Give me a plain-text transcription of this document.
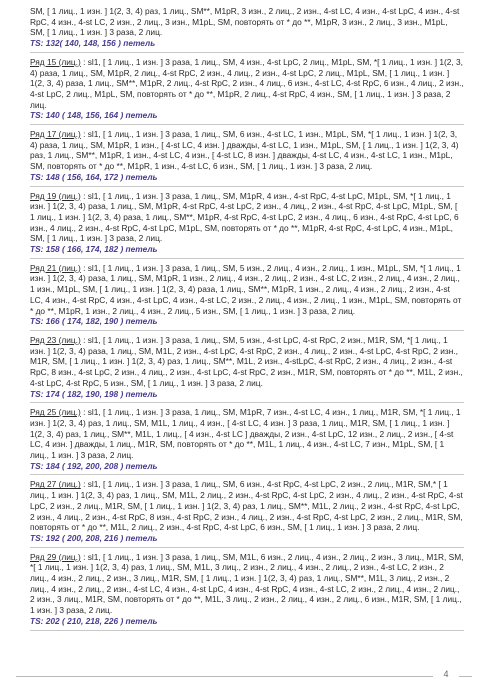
SM, [ 1 лиц., 1 изн. ] 1(2, 3, 4) раз, 1 лиц., SM**, M1pR, 3 изн., 2 лиц., 2 изн., 4-st LC, 4 изн., 4-st LpC, 4 изн., 4-st RpC, 4 изн., 4-st LC, 2 изн., 2 лиц., 3 изн., M1pL, SM, повторять от * до **, M1pR, 3 изн., 2 лиц., 3 изн., M1pL, SM, [ 1 лиц., 1 изн. ] 3 раза, 2 лиц.

TS: 132( 140, 148, 156 ) петель

Ряд 15 (лиц.) : sl1, [ 1 лиц., 1 изн. ] 3 раза, 1 лиц., SM, 4 изн., 4-st LpC, 2 лиц., M1pL, SM, *[ 1 лиц., 1 изн. ] 1(2, 3, 4) раза, 1 лиц., SM, M1pR, 2 лиц., 4-st RpC, 2 изн., 4 лиц., 2 изн., 4-st LpC, 2 лиц., M1pL, SM, [ 1 лиц., 1 изн. ] 1(2, 3, 4) раза, 1 лиц., SM**, M1pR, 2 лиц., 4-st RpC, 2 изн., 4 лиц., 6 изн., 4-st LC, 4-st RpC, 6 изн., 4 лиц., 2 изн., 4-st LpC, 2 лиц., M1pL, SM, повторять от * до **, M1pR, 2 лиц., 4-st RpC, 4 изн., SM, [ 1 лиц., 1 изн. ] 3 раза, 2 лиц.

TS: 140 ( 148, 156, 164 ) петель

Ряд 17 (лиц.) : sl1, [ 1 лиц., 1 изн. ] 3 раза, 1 лиц., SM, 6 изн., 4-st LC, 1 изн., M1pL, SM, *[ 1 лиц., 1 изн. ] 1(2, 3, 4) раза, 1 лиц., SM, M1pR, 1 изн., [ 4-st LC, 4 изн. ] дважды, 4-st LC, 1 изн., M1pL, SM, [ 1 лиц., 1 изн. ] 1(2, 3, 4) раз, 1 лиц., SM**, M1pR, 1 изн., 4-st LC, 4 изн., [ 4-st LC, 8 изн. ] дважды, 4-st LC, 4 изн., 4-st LC, 1 изн., M1pL, SM, повторять от * до **, M1pR, 1 изн., 4-st LC, 6 изн., SM, [ 1 лиц., 1 изн. ] 3 раза, 2 лиц.

TS: 148 ( 156, 164, 172 ) петель

Ряд 19 (лиц.) : sl1, [ 1 лиц., 1 изн. ] 3 раза, 1 лиц., SM, M1pR, 4 изн., 4-st RpC, 4-st LpC, M1pL, SM, *[ 1 лиц., 1 изн. ] 1(2, 3, 4) раза, 1 лиц., SM, M1pR, 4-st RpC, 4-st LpC, 2 изн., 4 лиц., 2 изн., 4-st RpC, 4-st LpC, M1pL, SM, [ 1 лиц., 1 изн. ] 1(2, 3, 4) раза, 1 лиц., SM**, M1pR, 4-st RpC, 4-st LpC, 2 изн., 4 лиц., 6 изн., 4-st RpC, 4-st LpC, 6 изн., 4 лиц., 2 изн., 4-st RpC, 4-st LpC, M1pL, SM, повторять от * до **, M1pR, 4-st RpC, 4-st LpC, 4 изн., M1pL, SM, [ 1 лиц., 1 изн. ] 3 раза, 2 лиц.

TS: 158 ( 166, 174, 182 ) петель

Ряд 21 (лиц.) : sl1, [ 1 лиц., 1 изн. ] 3 раза, 1 лиц., SM, 5 изн., 2 лиц., 4 изн., 2 лиц., 1 изн., M1pL, SM, *[ 1 лиц., 1 изн. ] 1(2, 3, 4) раза, 1 лиц., SM, M1pR, 1 изн., 2 лиц., 4 изн., 2 лиц., 2 изн., 4-st LC, 2 изн., 2 лиц., 4 изн., 2 лиц., 1 изн., M1pL, SM, [ 1 лиц., 1 изн. ] 1(2, 3, 4) раза, 1 лиц., SM**, M1pR, 1 изн., 2 лиц., 4 изн., 2 лиц., 2 изн., 4-st LC, 4 изн., 4-st RpC, 4 изн., 4-st LpC, 4 изн., 4-st LC, 2 изн., 2 лиц., 4 изн., 2 лиц., 1 изн., M1pL, SM, повторять от * до **, M1pR, 1 изн., 2 лиц., 4 изн., 2 лиц., 5 изн., SM, [ 1 лиц., 1 изн. ] 3 раза, 2 лиц.

TS: 166 ( 174, 182, 190 ) петель

Ряд 23 (лиц.) : sl1, [ 1 лиц., 1 изн. ] 3 раза, 1 лиц., SM, 5 изн., 4-st LpC, 4-st RpC, 2 изн., M1R, SM, *[ 1 лиц., 1 изн. ] 1(2, 3, 4) раза, 1 лиц., SM, M1L, 2 изн., 4-st LpC, 4-st RpC, 2 изн., 4 лиц., 2 изн., 4-st LpC, 4-st RpC, 2 изн., M1R, SM, [ 1 лиц., 1 изн. ] 1(2, 3, 4) раз, 1 лиц., SM**, M1L, 2 изн., 4-stLpC, 4-st RpC, 2 изн., 4 лиц., 2 изн., 4-st RpC, 8 изн., 4-st LpC, 2 изн., 4 лиц., 2 изн., 4-st LpC, 4-st RpC, 2 изн., M1R, SM, повторять от * до **, M1L, 2 изн., 4-st LpC, 4-st RpC, 5 изн., SM, [ 1 лиц., 1 изн. ] 3 раза, 2 лиц.

TS: 174 ( 182, 190, 198 ) петель

Ряд 25 (лиц.) : sl1, [ 1 лиц., 1 изн. ] 3 раза, 1 лиц., SM, M1pR, 7 изн., 4-st LC, 4 изн., 1 лиц., M1R, SM, *[ 1 лиц., 1 изн. ] 1(2, 3, 4) раз, 1 лиц., SM, M1L, 1 лиц., 4 изн., [ 4-st LC, 4 изн. ] 3 раза, 1 лиц., M1R, SM, [ 1 лиц., 1 изн. ] 1(2, 3, 4) раз, 1 лиц., SM**, M1L, 1 лиц., [ 4 изн., 4-st LC ] дважды, 2 изн., 4-st LpC, 12 изн., 2 лиц., 2 изн., [ 4-st LC, 4 изн. ] дважды, 1 лиц., M1R, SM, повторять от * до **, M1L, 1 лиц., 4 изн., 4-st LC, 7 изн., M1pL, SM, [ 1 лиц., 1 изн. ] 3 раза, 2 лиц.

TS: 184 ( 192, 200, 208 ) петель

Ряд 27 (лиц.) : sl1, [ 1 лиц., 1 изн. ] 3 раза, 1 лиц., SM, 6 изн., 4-st RpC, 4-st LpC, 2 изн., 2 лиц., M1R, SM,* [ 1 лиц., 1 изн. ] 1(2, 3, 4) раз, 1 лиц., SM, M1L, 2 лиц., 2 изн., 4-st RpC, 4-st LpC, 2 изн., 4 лиц., 2 изн., 4-st RpC, 4-st LpC, 2 изн., 2 лиц., M1R, SM, [ 1 лиц., 1 изн. ] 1(2, 3, 4) раз, 1 лиц., SM**, M1L, 2 лиц., 2 изн., 4-st RpC, 4-st LpC, 2 изн., 4 лиц., 2 изн., 4-st RpC, 8 изн., 4-st RpC, 2 изн., 4 лиц., 2 изн., 4-st RpC, 4-st LpC, 2 изн., 2 лиц., M1R, SM, повторять от * до **, M1L, 2 лиц., 2 изн., 4-st RpC, 4-st LpC, 6 изн., SM, [ 1 лиц., 1 изн. ] 3 раза, 2 лиц.

TS: 192 ( 200, 208, 216 ) петель

Ряд 29 (лиц.) : sl1, [ 1 лиц., 1 изн. ] 3 раза, 1 лиц., SM, M1L, 6 изн., 2 лиц., 4 изн., 2 лиц., 2 изн., 3 лиц., M1R, SM, *[ 1 лиц., 1 изн. ] 1(2, 3, 4) раз, 1 лиц., SM, M1L, 3 лиц., 2 изн., 2 лиц., 4 изн., 2 лиц., 2 изн., 4-st LC, 2 изн., 2 лиц., 4 изн., 2 лиц., 2 изн., 3 лиц., M1R, SM, [ 1 лиц., 1 изн. ] 1(2, 3, 4) раз, 1 лиц., SM**, M1L, 3 лиц., 2 изн., 2 лиц., 4 изн., 2 лиц., 2 изн., 4-st LC, 4 изн., 4-st LpC, 4 изн., 4-st RpC, 4 изн., 4-st LC, 2 изн., 2 лиц., 4 изн., 2 лиц., 2 изн., 3 лиц., M1R, SM, повторять от * до **, M1L, 3 лиц., 2 изн., 2 лиц., 4 изн., 2 лиц., 6 изн., M1R, SM, [ 1 лиц., 1 изн. ] 3 раза, 2 лиц.

TS: 202 ( 210, 218, 226 ) петель

4
